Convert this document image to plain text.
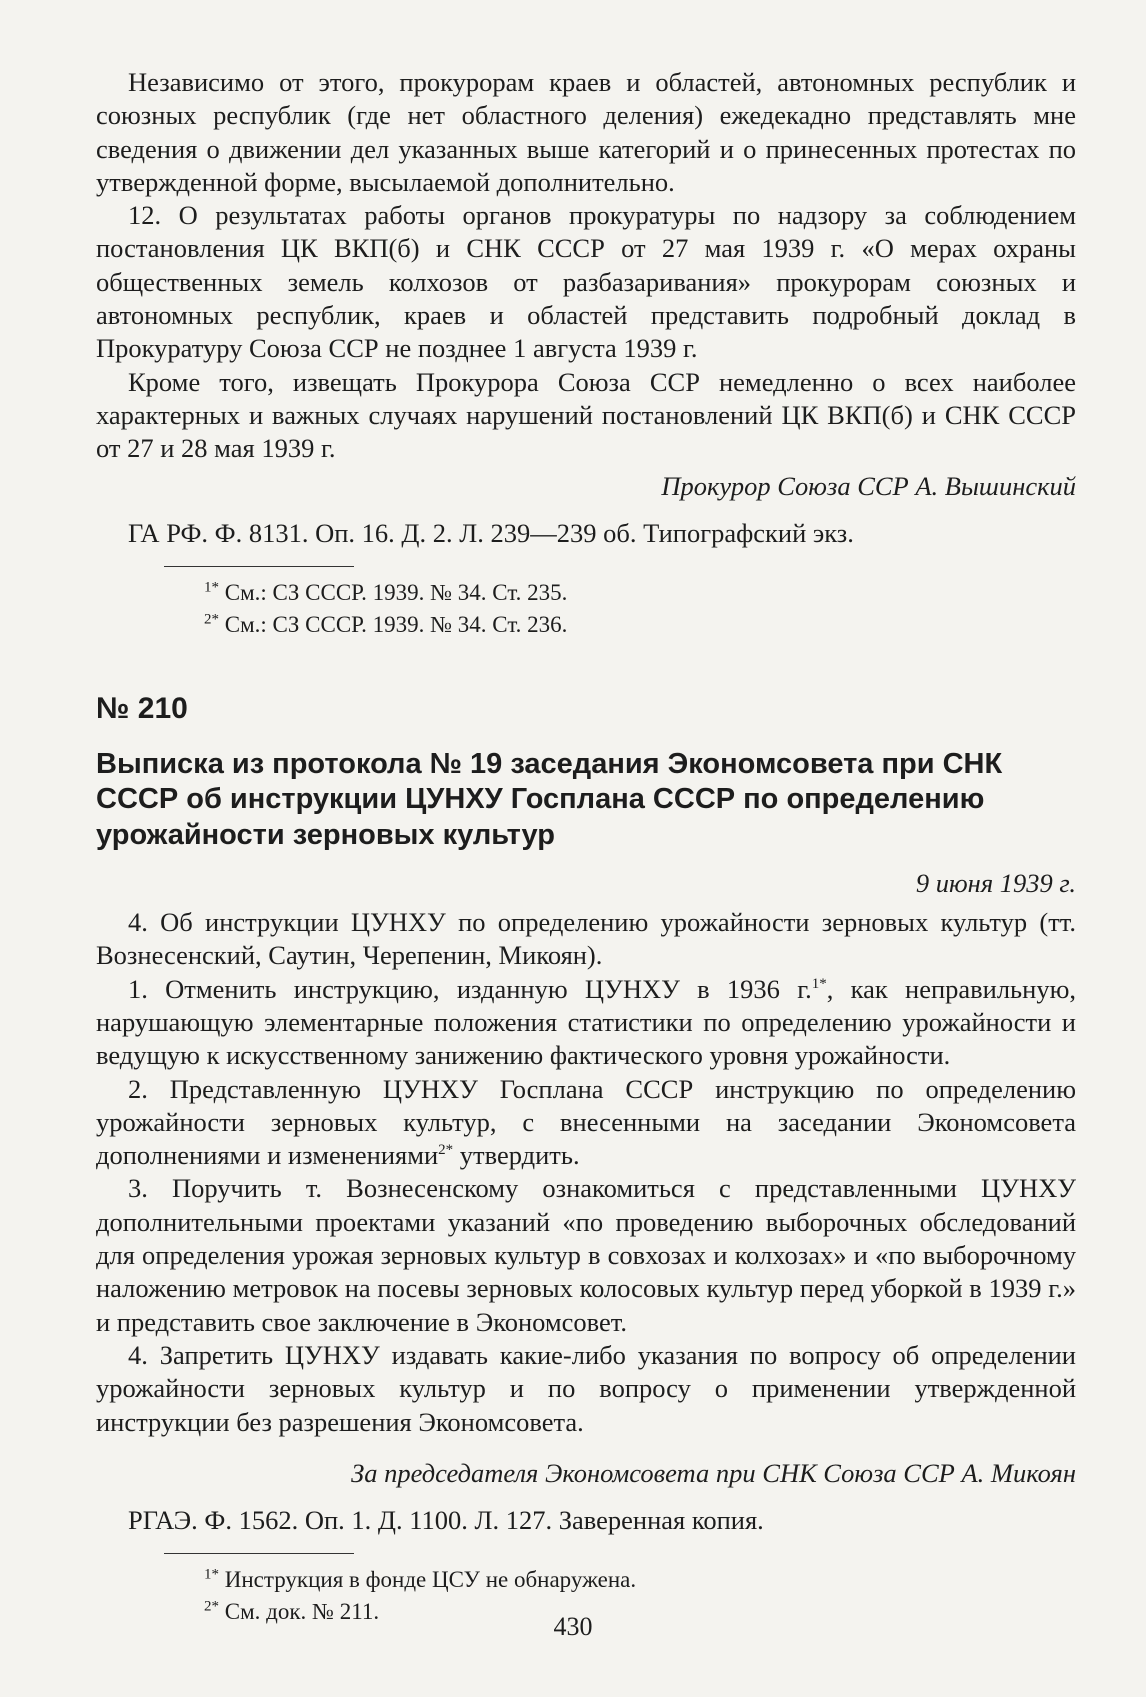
Независимо от этого, прокурорам краев и областей, автономных республик и союзных республик (где нет областного деления) ежедекадно представлять мне сведения о движении дел указанных выше категорий и о принесенных протестах по утвержденной форме, высылаемой дополнительно.

12. О результатах работы органов прокуратуры по надзору за соблюдением постановления ЦК ВКП(б) и СНК СССР от 27 мая 1939 г. «О мерах охраны общественных земель колхозов от разбазаривания» прокурорам союзных и автономных республик, краев и областей представить подробный доклад в Прокуратуру Союза ССР не позднее 1 августа 1939 г.

Кроме того, извещать Прокурора Союза ССР немедленно о всех наиболее характерных и важных случаях нарушений постановлений ЦК ВКП(б) и СНК СССР от 27 и 28 мая 1939 г.

Прокурор Союза ССР А. Вышинский

ГА РФ. Ф. 8131. Оп. 16. Д. 2. Л. 239—239 об. Типографский экз.

$^{1*}$ См.: СЗ СССР. 1939. № 34. Ст. 235.

$^{2*}$ См.: СЗ СССР. 1939. № 34. Ст. 236.

№ 210

Выписка из протокола № 19 заседания Экономсовета при СНК СССР об инструкции ЦУНХУ Госплана СССР по определению урожайности зерновых культур

9 июня 1939 г.

4. Об инструкции ЦУНХУ по определению урожайности зерновых культур (тт. Вознесенский, Саутин, Черепенин, Микоян).

1. Отменить инструкцию, изданную ЦУНХУ в 1936 г.$^{1*}$, как неправильную, нарушающую элементарные положения статистики по определению урожайности и ведущую к искусственному занижению фактического уровня урожайности.

2. Представленную ЦУНХУ Госплана СССР инструкцию по определению урожайности зерновых культур, с внесенными на заседании Экономсовета дополнениями и изменениями$^{2*}$ утвердить.

3. Поручить т. Вознесенскому ознакомиться с представленными ЦУНХУ дополнительными проектами указаний «по проведению выборочных обследований для определения урожая зерновых культур в совхозах и колхозах» и «по выборочному наложению метровок на посевы зерновых колосовых культур перед уборкой в 1939 г.» и представить свое заключение в Экономсовет.

4. Запретить ЦУНХУ издавать какие-либо указания по вопросу об определении урожайности зерновых культур и по вопросу о применении утвержденной инструкции без разрешения Экономсовета.

За председателя Экономсовета при СНК Союза ССР А. Микоян

РГАЭ. Ф. 1562. Оп. 1. Д. 1100. Л. 127. Заверенная копия.

$^{1*}$ Инструкция в фонде ЦСУ не обнаружена.

$^{2*}$ См. док. № 211.

430
